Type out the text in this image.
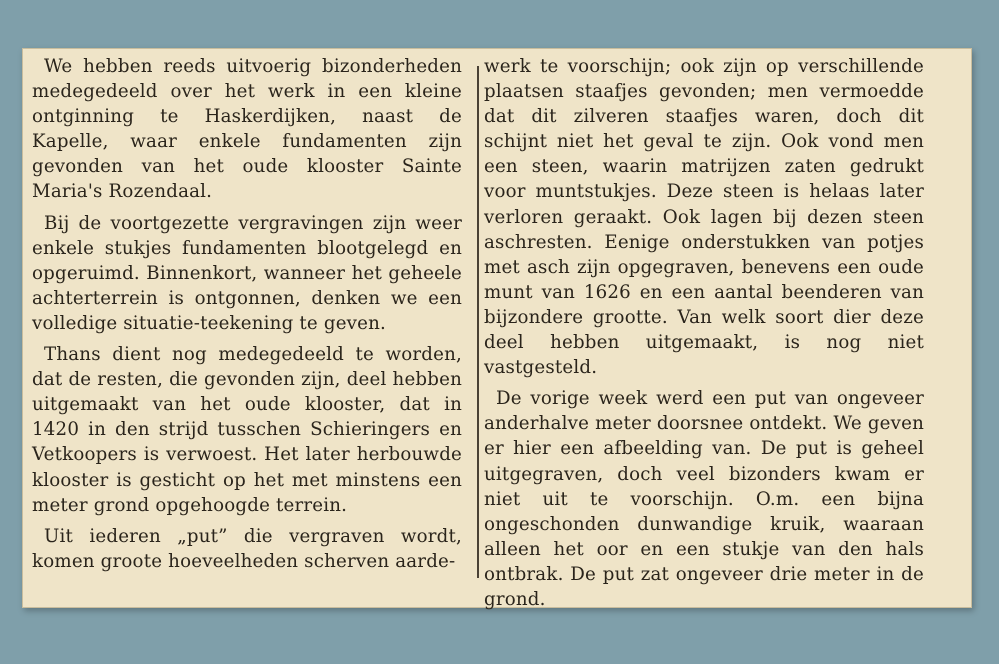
We hebben reeds uitvoerig bizonderheden medegedeeld over het werk in een kleine ontginning te Haskerdijken, naast de Kapelle, waar enkele fundamenten zijn gevonden van het oude klooster Sainte Maria's Rozendaal.

Bij de voortgezette vergravingen zijn weer enkele stukjes fundamenten blootgelegd en opgeruimd. Binnenkort, wanneer het geheele achterterrein is ontgonnen, denken we een volledige situatie-teekening te geven.

Thans dient nog medegedeeld te worden, dat de resten, die gevonden zijn, deel hebben uitgemaakt van het oude klooster, dat in 1420 in den strijd tusschen Schieringers en Vetkoopers is verwoest. Het later herbouwde klooster is gesticht op het met minstens een meter grond opgehoogde terrein.

Uit iederen „put” die vergraven wordt, komen groote hoeveelheden scherven aarde-

werk te voorschijn; ook zijn op verschillende plaatsen staafjes gevonden; men vermoedde dat dit zilveren staafjes waren, doch dit schijnt niet het geval te zijn. Ook vond men een steen, waarin matrijzen zaten gedrukt voor muntstukjes. Deze steen is helaas later verloren geraakt. Ook lagen bij dezen steen aschresten. Eenige onderstukken van potjes met asch zijn opgegraven, benevens een oude munt van 1626 en een aantal beenderen van bijzondere grootte. Van welk soort dier deze deel hebben uitgemaakt, is nog niet vastgesteld.

De vorige week werd een put van ongeveer anderhalve meter doorsnee ontdekt. We geven er hier een afbeelding van. De put is geheel uitgegraven, doch veel bizonders kwam er niet uit te voorschijn. O.m. een bijna ongeschonden dunwandige kruik, waaraan alleen het oor en een stukje van den hals ontbrak. De put zat ongeveer drie meter in de grond.
